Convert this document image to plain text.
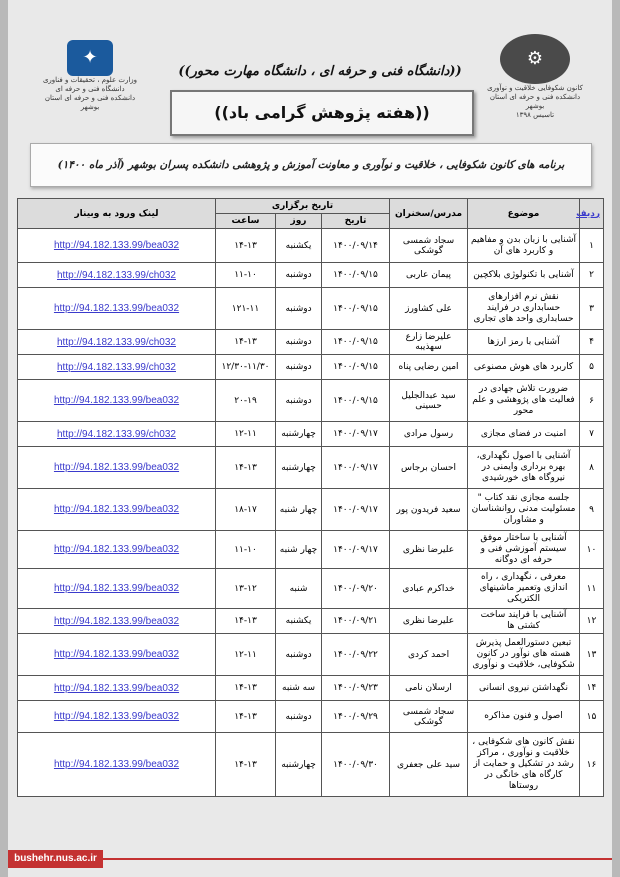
⚙
کانون شکوفایی خلاقیت و نوآوری
دانشکده فنی و حرفه ای استان بوشهر
تاسیس ۱۳۹۸
✦
وزارت علوم ، تحقیقات و فناوری
دانشگاه فنی و حرفه ای
دانشکده فنی و حرفه ای استان بوشهر
((دانشگاه فنی و حرفه ای ، دانشگاه مهارت محور))
((هفته پژوهش گرامی باد))
برنامه های کانون شکوفایی ، خلاقیت و نوآوری و معاونت آموزش و پژوهشی دانشکده پسران بوشهر (آذر ماه ۱۴۰۰)
ردیف	موضوع	مدرس/سخنران	تاریخ برگزاری			لینک ورود به وبینار
			تاریخ	روز	ساعت	
۱	آشنایی با زبان بدن و مفاهیم و کاربرد های آن	سجاد شمسی گوشکی	۱۴۰۰/۰۹/۱۴	یکشنبه	۱۴-۱۳	http://94.182.133.99/bea032
۲	آشنایی با تکنولوژی بلاکچین	پیمان عاربی	۱۴۰۰/۰۹/۱۵	دوشنبه	۱۱-۱۰	http://94.182.133.99/ch032
۳	نقش نرم افزارهای حسابداری در فرایند حسابداری واحد های تجاری	علی کشاورز	۱۴۰۰/۰۹/۱۵	دوشنبه	۱۲۱-۱۱	http://94.182.133.99/bea032
۴	آشنایی با رمز ارزها	علیرضا زارع سهذیبه	۱۴۰۰/۰۹/۱۵	دوشنبه	۱۴-۱۳	http://94.182.133.99/ch032
۵	کاربرد های هوش مصنوعی	امین رضایی پناه	۱۴۰۰/۰۹/۱۵	دوشنبه	۱۲/۳۰-۱۱/۳۰	http://94.182.133.99/ch032
۶	ضرورت تلاش جهادی در فعالیت های پژوهشی و علم محور	سید عبدالجلیل حسینی	۱۴۰۰/۰۹/۱۵	دوشنبه	۲۰-۱۹	http://94.182.133.99/bea032
۷	امنیت در فضای مجازی	رسول مرادی	۱۴۰۰/۰۹/۱۷	چهارشنبه	۱۲-۱۱	http://94.182.133.99/ch032
۸	آشنایی با اصول نگهداری، بهره برداری وایمنی در نیروگاه های خورشیدی	احسان برجاس	۱۴۰۰/۰۹/۱۷	چهارشنبه	۱۴-۱۳	http://94.182.133.99/bea032
۹	جلسه مجازی نقد کتاب " مسئولیت مدنی روانشناسان و مشاوران	سعید فریدون پور	۱۴۰۰/۰۹/۱۷	چهار شنبه	۱۸-۱۷	http://94.182.133.99/bea032
۱۰	آشنایی با ساختار موفق سیستم آموزشی فنی و حرفه ای دوگانه	علیرضا نظری	۱۴۰۰/۰۹/۱۷	چهار شنبه	۱۱-۱۰	http://94.182.133.99/bea032
۱۱	معرفی ، نگهداری ، راه اندازی وتعمیر ماشینهای الکتریکی	خداکرم عبادی	۱۴۰۰/۰۹/۲۰	شنبه	۱۳-۱۲	http://94.182.133.99/bea032
۱۲	آشنایی با فرایند ساخت کشتی ها	علیرضا نظری	۱۴۰۰/۰۹/۲۱	یکشنبه	۱۴-۱۳	http://94.182.133.99/bea032
۱۳	تبعین دستورالعمل پذیرش هسته های نوآور در کانون شکوفایی، خلاقیت و نوآوری	احمد کردی	۱۴۰۰/۰۹/۲۲	دوشنبه	۱۲-۱۱	http://94.182.133.99/bea032
۱۴	نگهداشتن نیروی انسانی	ارسلان نامی	۱۴۰۰/۰۹/۲۳	سه شنبه	۱۴-۱۳	http://94.182.133.99/bea032
۱۵	اصول و فنون مذاکره	سجاد شمسی گوشکی	۱۴۰۰/۰۹/۲۹	دوشنبه	۱۴-۱۳	http://94.182.133.99/bea032
۱۶	نقش کانون های شکوفایی ، خلاقیت و نوآوری ، مراکز رشد در تشکیل و حمایت از کارگاه های خانگی در روستاها	سید علی جعفری	۱۴۰۰/۰۹/۳۰	چهارشنبه	۱۴-۱۳	http://94.182.133.99/bea032
bushehr.nus.ac.ir
